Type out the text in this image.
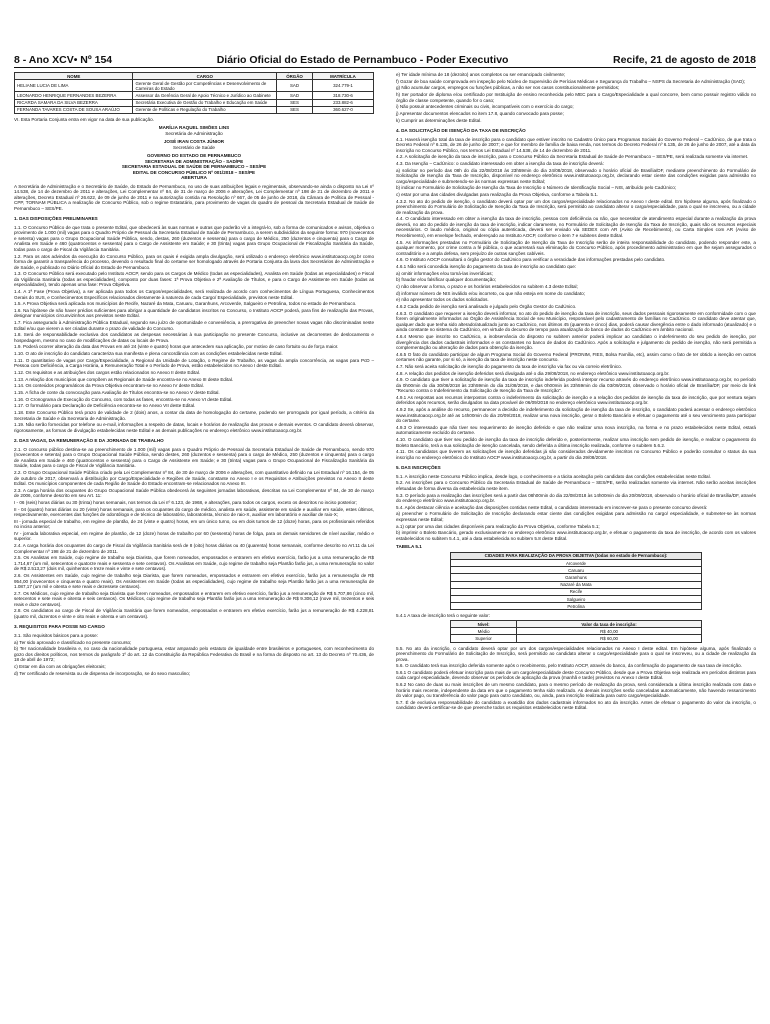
8 - Ano XCV• Nº 154	Diário Oficial do Estado de Pernambuco - Poder Executivo	Recife, 21 de agosto de 2018
NOME	CARGO	ÓRGÃO	MATRÍCULA
HELIANE LUCIA DE LIMA	Gerente Geral de Gestão por Competências e Desenvolvimento de Carreiras do Estado	SAD	324.779-1
LEONARDO HENRIQUE FERNANDES BEZERRA	Assessor da Gerência Geral de Apoio Técnico e Jurídico ao Gabinete	SAD	318.730-6
RICARDA SAMARA DA SILVA BEZERRA	Secretária Executiva de Gestão do Trabalho e Educação em Saúde	SES	233.882-6
FERNANDA TAVARES COSTA DE SOUSA ARAÚJO	Gerente de Políticas e Regulação do Trabalho	SES	360.627-0

VI. Esta Portaria Conjunta entra em vigor na data de sua publicação.

MARÍLIA RAQUEL SIMÕES LINS
Secretária de Administração
JOSÉ IRAN COSTA JÚNIOR
Secretário de Saúde
GOVERNO DO ESTADO DE PERNAMBUCO
SECRETARIA DE ADMINISTRAÇÃO - SAD/PE
SECRETARIA ESTADUAL DE SAÚDE DE PERNAMBUCO – SES/PE
EDITAL DE CONCURSO PÚBLICO Nº 001/2018 – SES/PE
ABERTURA

A Secretária de Administração e o Secretário de Saúde, do Estado de Pernambuco, no uso de suas atribuições legais e regimentais, observando-se ainda o disposto na Lei nº 14.538, de 14 de dezembro de 2011 e alterações, Lei Complementar nº 84, de 31 de março de 2006 e alterações, Lei Complementar nº 198 de 21 de dezembro de 2011 e alterações, Decreto Estadual nº 26.622, de 09 de junho de 2011 e na autorização contida na Resolução nº 667, de 05 de junho de 2018, da Câmara de Política de Pessoal - CPP, TORNAM PÚBLICA a realização de Concurso Público, sob o regime Estatutário, para provimento de vagas do quadro de pessoal da Secretaria Estadual de Saúde de Pernambuco – SES/PE.

1. DAS DISPOSIÇÕES PRELIMINARES

1.1. O Concurso Público de que trata o presente Edital, que obedecerá às suas normas e outras que poderão vir a integrá-lo, sob a forma de comunicados e avisos, objetiva o provimento de 1.000 (mil) vagas para o Quadro Próprio de Pessoal da Secretaria Estadual de Saúde de Pernambuco, a serem subdivididos da seguinte forma: 970 (novecentos e setenta) vagas para o Grupo Ocupacional Saúde Pública, sendo, destas, 260 (duzentos e sessenta) para o cargo de Médico, 250 (duzentos e cinquenta) para o Cargo de Analista em Saúde e 460 (quatrocentos e sessenta) para o Cargo de Assistente em Saúde; e 30 (trinta) vagas para Grupo Ocupacional de Fiscalização Sanitária da Saúde, todas para o cargo de Fiscal da Vigilância Sanitária.

1.2. Para os atos advindos da execução do Concurso Público, para os quais é exigida ampla divulgação, será utilizado o endereço eletrônico www.institutoaocp.org.br como forma de garantir a transparência do processo, devendo o resultado final do certame ser homologado através de Portaria Conjunta da lavra dos Secretários de Administração e de Saúde, e publicado no Diário Oficial do Estado de Pernambuco.

1.3. O Concurso Público será executado pelo Instituto AOCP, sendo para os Cargos de Médico (todas as especialidades), Analista em Saúde (todas as especialidades) e Fiscal da Vigilância Sanitária (todas as especialidades), composto por duas fases: 1ª Prova Objetiva e 2ª Avaliação de Títulos, e para o Cargo de Assistente em Saúde (todas as especialidades), tendo apenas uma fase: Prova Objetiva.

1.4. A 1ª Fase (Prova Objetiva), a ser aplicada para todos os Cargos/especialidades, será realizada de acordo com conhecimentos de Língua Portuguesa, Conhecimentos Gerais do SUS, e Conhecimentos Específicos relacionados diretamente à natureza de cada Cargo/ Especialidade, previstos neste Edital.

1.5. A Prova Objetiva será aplicada nos municípios de Recife, Nazaré da Mata, Caruaru, Garanhuns, Arcoverde, Salgueiro e Petrolina, todos no estado de Pernambuco.

1.6. Na hipótese de não haver prédios suficientes para abrigar a quantidade de candidatos inscritos no Concurso, o Instituto AOCP poderá, para fins de realização das Provas, designar municípios circunvizinhos aos previstos neste Edital.

1.7. Fica assegurado à Administração Pública Estadual, segundo seu juízo de oportunidade e conveniência, a prerrogativa de preencher novas vagas não discriminadas neste Edital e/ou que vierem a ser criadas durante o prazo de validade do Concurso.

1.8. Será de responsabilidade exclusiva dos candidatos as despesas necessárias à sua participação no presente Concurso, inclusive as decorrentes de deslocamento e hospedagem, mesmo no caso de modificações de datas ou locais de Prova.

1.9. Poderá ocorrer alteração da data das Provas em até 24 (vinte e quatro) horas que antecedem sua aplicação, por motivo de caso fortuito ou de força maior.

1.10. O ato de inscrição do candidato caracteriza sua manifesta e plena concordância com as condições estabelecidas neste Edital.

1.11. O quantitativo de vagas por Cargo/Especialidade, a Regional da Unidade de Lotação, o Regime de Trabalho, as vagas da ampla concorrência, as vagas para PcD – Pessoa com Deficiência, a Carga Horária, a Remuneração Total e o Período de Prova, estão estabelecidos no Anexo I deste Edital.

1.12. Os requisitos e as atribuições dos cargos estão relacionados no Anexo II deste Edital.

1.13. A relação dos municípios que compõem as Regionais de Saúde encontra-se no Anexo III deste Edital.

1.14. Os conteúdos programáticos da Prova Objetiva encontram-se no Anexo IV deste Edital.

1.15. A ficha de conte da convocação para Avaliação de Títulos encontra-se no Anexo V deste Edital.

1.16. O Cronograma de Execução do Concurso, com todas as fases, encontra-se no Anexo VI deste Edital.

1.17. O formulário para Declaração de Deficiência encontra-se no Anexo VII deste Edital.

1.18. Este Concurso Público terá prazo de validade de 2 (dois) anos, a contar da data de homologação do certame, podendo ser prorrogado por igual período, a critério da Secretaria de Saúde e da Secretaria de Administração.

1.19. Não serão fornecidas por telefone ou e-mail, informações a respeito de datas, locais e horários de realização das provas e demais eventos. O candidato deverá observar, rigorosamente, as formas de divulgação estabelecidas neste Edital e as demais publicações no endereço eletrônico www.institutoaocp.org.br.

2. DAS VAGAS, DA REMUNERAÇÃO E DA JORNADA DE TRABALHO

2.1. O concurso público destina-se ao preenchimento de 1.000 (mil) vagas para o Quadro Próprio de Pessoal da Secretaria Estadual de Saúde de Pernambuco, sendo 970 (novecentos e setenta) para o Grupo Ocupacional Saúde Pública, sendo destes, 260 (duzentos e sessenta) para o cargo de Médico, 250 (duzentos e cinquenta) para o cargo de Analista em Saúde e 460 (quatrocentos e sessenta) para o Cargo de Assistente em Saúde; e 30 (trinta) vagas para o Grupo Ocupacional de Fiscalização Sanitária da Saúde, todas para o cargo de Fiscal de Vigilância Sanitária.

2.2. O Grupo Ocupacional Saúde Pública criado pela Lei Complementar nº 84, de 30 de março de 2006 e alterações, com quantitativo definido na Lei Estadual nº 16.154, de 05 de outubro de 2017, observará a distribuição por Cargo/Especialidade e Regiões de Saúde, constante no Anexo I e os Requisitos e Atribuições previstos no Anexo II deste Edital. Os municípios componentes de cada Região de Saúde do Estado encontram-se relacionados no Anexo III.

2.3. A carga horária dos ocupantes do Grupo Ocupacional Saúde Pública obedecerá às seguintes jornadas laborativas, descritas na Lei Complementar nº 84, de 30 de março de 2006, conforme descrito em seu Art. 11:

I - 06 (seis) horas diárias ou 30 (trinta) horas semanais, nos termos da Lei nº 6.123, de 1968, e alterações, para todos os cargos, exceto os descritos no inciso posterior;

II - 04 (quatro) horas diárias ou 20 (vinte) horas semanais, para os ocupantes do cargo de médico, analista em saúde, assistente em saúde e auxiliar em saúde, estes últimos, respectivamente, exercentes das funções de odontólogo e de técnico de laboratório, laboratorista, técnico de raio-X, auxiliar em laboratório e auxiliar de raio-X;

III - jornada especial de trabalho, em regime de plantão, de 24 (vinte e quatro) horas, em um único turno, ou em dois turnos de 12 (doze) horas, para os profissionais referidos no inciso anterior;

IV - jornada laborativa especial, em regime de plantão, de 12 (doze) horas de trabalho por 60 (sessenta) horas de folga, para os demais servidores de nível auxiliar, médio e superior.

2.4. A carga horária dos ocupantes do cargo de Fiscal da Vigilância Sanitária será de 8 (oito) horas diárias ou 40 (quarenta) horas semanais, conforme descrito no Art.11 da Lei Complementar nº 198 de 21 de dezembro de 2011.

2.5. Os Analistas em Saúde, cujo regime de trabalho seja Diarista, que forem nomeados, empossados e entrarem em efetivo exercício, farão jus a uma remuneração de R$ 1.714,67 (um mil, setecentos e quatorze reais e sessenta e sete centavos). Os Analistas em Saúde, cujo regime de trabalho seja Plantão farão jus, a uma remuneração no valor de R$ 2.513,27 (dois mil, quinhentos e treze reais e vinte e sete centavos).

2.6. Os Assistentes em Saúde, cujo regime de trabalho seja Diarista, que forem nomeados, empossados e entrarem em efetivo exercício, farão jus a remuneração de R$ 954,00 (novecentos e cinquenta e quatro reais). Os Assistentes em Saúde (todas as especialidades), cujo regime de trabalho seja Plantão farão jus a uma remuneração de 1.087,17 (um mil e oitenta e sete reais e dezessete centavos).

2.7. Os Médicos, cujo regime de trabalho seja Diarista que forem nomeados, empossados e entrarem em efetivo exercício, farão jus a remuneração de R$ 5.707,86 (cinco mil, setecentos e sete reais e oitenta e seis centavos). Os Médicos, cujo regime de trabalho seja Plantão farão jus a uma remuneração de R$ 9.306,12 (nove mil, trezentos e seis reais e doze centavos).

2.8. Os candidatos ao cargo de Fiscal de Vigilância Sanitária que forem nomeados, empossados e entrarem em efetivo exercício, farão jus a remuneração de R$ 4.228,81 (quatro mil, duzentos e vinte e oito reais e oitenta e um centavos).

3. REQUISITOS PARA POSSE NO CARGO

3.1. São requisitos básicos para a posse:

a) Ter sido aprovado e classificado no presente concurso;

b) Ter nacionalidade brasileira e, no caso da nacionalidade portuguesa, estar amparado pelo estatuto de igualdade entre brasileiros e portugueses, com reconhecimento do gozo dos direitos políticos, nos termos do parágrafo 1º do art. 12 da Constituição da República Federativa do Brasil e na forma do disposto no art. 13 do Decreto nº 70.436, de 18 de abril de 1972;

c) Estar em dia com as obrigações eleitorais;

d) Ter certificado de reservista ou de dispensa de incorporação, se do sexo masculino;

e) Ter idade mínima de 18 (dezoito) anos completos ou ser emancipado civilmente;

f) Gozar de boa saúde comprovada em inspeção pelo Núcleo de Supervisão de Perícias Médicas e Segurança do Trabalho – NSPS da Secretaria de Administração (SAD);

g) Não acumular cargos, empregos ou funções públicas, a não ser nos casos constitucionalmente permitidos;

h) Ser portador de diploma e/ou certificado por Instituição de ensino reconhecida pelo MEC para o Cargo/Especialidade a qual concorre, bem como possuir registro válido no órgão de classe competente, quando for o caso;

i) Não possuir antecedentes criminais ou civis, incompatíveis com o exercício do cargo;

j) Apresentar documentos elencados no item 17.8, quando convocado para posse;

k) Cumprir as determinações deste Edital.

4. DA SOLICITAÇÃO DE ISENÇÃO DA TAXA DE INSCRIÇÃO

4.1. Haverá isenção total da taxa de inscrição para o candidato que estiver inscrito no Cadastro Único para Programas Sociais do Governo Federal – CadÚnico, de que trata o Decreto Federal nº 6.135, de 26 de junho de 2007; e que for membro de família de baixa renda, nos termos do Decreto Federal nº 6.135, de 26 de junho de 2007, até a data da inscrição no Concurso Público, nos termos Lei Estadual nº 14.538, de 14 de dezembro de 2011.

4.2. A solicitação de isenção da taxa de inscrição, para o Concurso Público da Secretaria Estadual de Saúde de Pernambuco – SES/PE, será realizada somente via internet.

4.3. Da Isenção – CadÚnico: o candidato interessado em obter a isenção da taxa de inscrição deverá:

a) solicitar no período das 08h do dia 22/08/2018 às 23h59min do dia 24/08/2018, observado o horário oficial de Brasília/DF, mediante preenchimento do Formulário de Solicitação de Isenção da Taxa de Inscrição, disponível no endereço eletrônico www.institutoaocp.org.br, declarando estar ciente das condições exigidas para admissão no cargo/especialidade e submetendo-se às normas expressas neste Edital;

b) indicar no Formulário de Solicitação de Isenção da Taxa de Inscrição o Número de Identificação Social – NIS, atribuído pelo CadÚnico;

c) estar por uma das cidades divulgadas para realização da Prova Objetiva, conforme a Tabela 5.1.

4.3.2. No ato do pedido de isenção, o candidato deverá optar por um dos cargos/especialidade relacionados no Anexo I deste edital. Em hipótese alguma, após finalizado o preenchimento do Formulário de Solicitação de Isenção da Taxa de Inscrição, será permitido ao candidato alterar o cargo/especialidade, para o qual se inscreveu, ou a cidade de realização da prova.

4.4. O candidato interessado em obter a isenção da taxa de inscrição, pessoa com deficiência ou não, que necessitar de atendimento especial durante a realização da prova deverá, no ato do pedido de isenção da taxa de inscrição, indicar claramente, no Formulário de Solicitação de Isenção da Taxa de Inscrição, quais são os recursos especiais necessários. O laudo médico, original ou cópia autenticada, deverá ser enviado via SEDEX com AR (Aviso de Recebimento), ou Carta Simples com AR (Aviso de Recebimento), em envelope fechado, endereçado ao Instituto AOCP, conforme o item 7 e subitens deste Edital.

4.5. As informações prestadas no Formulário de Solicitação de Isenção da Taxa de Inscrição serão de inteira responsabilidade do candidato, podendo responder este, a qualquer momento, por crime contra a fé pública, o que acarretará sua eliminação do Concurso Público, após procedimento administrativo em que lhe sejam assegurados o contraditório e a ampla defesa, sem prejuízo de outras sanções cabíveis.

4.6. O Instituto AOCP consultará o órgão gestor do CadÚnico para verificar a veracidade das informações prestadas pelo candidato.

4.6.1 Não será concedida isenção do pagamento da taxa de inscrição ao candidato que:

a) omitir informações e/ou torná-las inverídicas;

b) fraudar e/ou falsificar qualquer documentação;

c) não observar a forma, o prazo e os horários estabelecidos no subitem 4.3 deste Edital;

d) informar número de NIS inválido e/ou incorreto, ou que não esteja em nome do candidato;

e) não apresentar todos os dados solicitados.

4.6.2 Cada pedido de isenção será analisado e julgado pelo Órgão Gestor do CadÚnico.

4.6.3. O candidato que requerer a isenção deverá informar, no ato do pedido de isenção da taxa de inscrição, seus dados pessoais rigorosamente em conformidade com o que forem originalmente informados ao Órgão de Assistência Social de seu Município, responsável pelo cadastramento de famílias no CadÚnico. O candidato deve atentar que, qualquer dado que tenha sido alterado/atualizado junto ao CadÚnico, nos últimos 45 (quarenta e cinco) dias, poderá causar divergência entre o dado informado (atualizado) e o ainda constante no sistema do CadÚnico, em virtude do decurso de tempo para atualização do banco de dados do CadÚnico em âmbito nacional.

4.6.4 Mesmo que inscrito no CadÚnico, a inobservância do disposto no subitem anterior poderá implicar ao candidato o indeferimento do seu pedido de isenção, por divergência dos dados cadastrais informados e os constantes no banco de dados do CadÚnico. Após a solicitação e julgamento do pedido de isenção, não será permitida a complementação ou alteração de dados para obtenção da isenção.

4.6.5 O fato do candidato participar de algum Programa Social do Governo Federal (PRONIM, FIES, Bolsa Família, etc), assim como o fato de ter obtido a isenção em outros certames não garante, por si só, a isenção da taxa de inscrição neste concurso.

4.7. Não será aceita solicitação de isenção do pagamento da taxa de inscrição via fax ou via correio eletrônico.

4.8. A relação dos pedidos de isenção deferidos será divulgada até o dia 29/08/2018, no endereço eletrônico www.institutoaocp.org.br.

4.9. O candidato que tiver a solicitação de isenção da taxa de inscrição indeferida poderá interpor recurso através do endereço eletrônico www.institutoaocp.org.br, no período da 0h00min do dia 30/08/2018 às 23h59min do dia 31/08/2018, e das 0h00min às 23h59min do dia 03/09/2018, observado o horário oficial de Brasília/DF, por meio do link "Recurso contra o Indeferimento da Solicitação de Isenção da Taxa de Inscrição".

4.9.1 As respostas aos recursos interpostos contra o indeferimento da solicitação de isenção e a relação dos pedidos de isenção da taxa de inscrição, que por ventura sejam deferidos após recursos, serão divulgados na data provável de 06/09/2018 no endereço eletrônico www.institutoaocp.org.br.

4.9.2 Se, após a análise do recurso, permanecer a decisão de indeferimento da solicitação de isenção da taxa de inscrição, o candidato poderá acessar o endereço eletrônico www.institutoaocp.org.br até as 14h00min do dia 20/09/2018, realizar uma nova inscrição, gerar o Boleto Bancário e efetuar o pagamento até o seu vencimento para participar do certame.

4.9.3 O interessado que não tiver seu requerimento de isenção deferido e que não realizar uma nova inscrição, na forma e no prazo estabelecidos neste Edital, estará automaticamente excluído do certame.

4.10. O candidato que tiver seu pedido de isenção da taxa de inscrição deferido e, posteriormente, realizar uma inscrição sem pedido de isenção, e realizar o pagamento do Boleto Bancário, terá a sua solicitação de isenção cancelada, sendo deferida a última inscrição realizada, conforme o subitem 5.6.2.

4.11. Os candidatos que tiverem as solicitações de isenção deferidas já são considerados devidamente inscritos no Concurso Público e poderão consultar o status da sua inscrição no endereço eletrônico do Instituto AOCP www.institutoaocp.org.br, a partir do dia 29/08/2018.

5. DAS INSCRIÇÕES

5.1. A inscrição neste Concurso Público implica, desde logo, o conhecimento e a tácita aceitação pelo candidato das condições estabelecidas neste Edital.

5.2. As inscrições para o Concurso Público da Secretaria Estadual de Saúde de Pernambuco – SES/PE, serão realizadas somente via internet. Não serão aceitas inscrições efetuadas de forma diversa da estabelecida neste item.

5.3. O período para a realização das inscrições será a partir das 08h00min do dia 22/08/2018 às 14h00min do dia 20/09/2018, observado o horário oficial de Brasília/DF, através do endereço eletrônico www.institutoaocp.org.br.

5.4. Após destacar ciência e aceitação das disposições contidas neste Edital, o candidato interessado em inscrever-se para o presente concurso deverá:

a) preencher o Formulário de Solicitação de Inscrição declarando estar ciente das condições exigidas para admissão no cargo/ especialidade, e submeter-se às normas expressas neste Edital;

a.1) optar por uma das cidades disponíveis para realização da Prova Objetiva, conforme Tabela 5.1;

b) imprimir o Boleto Bancário, gerado exclusivamente no endereço eletrônico www.institutoaocp.org.br, e efetuar o pagamento da taxa de inscrição, de acordo com os valores estabelecidos no subitem 5.4.1, até a data estabelecida no subitem 5.8 deste Edital.

TABELA 5.1
CIDADES PARA REALIZAÇÃO DA PROVA OBJETIVA (todas no estado de Pernambuco):
Arcoverde
Caruaru
Garanhuns
Nazaré da Mata
Recife
Salgueiro
Petrolina

5.4.1 A taxa de inscrição terá o seguinte valor:

Nível:	Valor da taxa de inscrição:
Médio	R$ 40,00
Superior	R$ 60,00

5.5. No ato da inscrição, o candidato deverá optar por um dos cargos/especialidades relacionados no Anexo I deste edital. Em hipótese alguma, após finalizado o preenchimento do Formulário de Solicitação de Inscrição, será permitido ao candidato alterar o cargo/especialidade para o qual se inscreveu, ou a cidade de realização da prova.

5.6. O candidato terá sua inscrição deferida somente após o recebimento, pelo Instituto AOCP, através do banco, da confirmação do pagamento de sua taxa de inscrição.

5.6.1 O candidato poderá efetuar inscrição para mais de um cargo/especialidade deste Concurso Público, desde que a Prova Objetiva seja realizada em períodos distintos para cada cargo/ especialidade, devendo observar os períodos de aplicação da prova (manhã e tarde) previstos no Anexo I deste Edital.

5.6.2 No caso de duas ou mais inscrições de um mesmo candidato, para o mesmo período de realização da prova, será considerada a última inscrição realizada com data e horário mais recente, independente da data em que o pagamento tenha sido realizado. As demais inscrições serão canceladas automaticamente, não havendo ressarcimento do valor pago, ou transferência do valor pago para outro candidato, ou, ainda, para inscrição realizada para outro cargo/especialidade.

5.7. É de exclusiva responsabilidade do candidato a exatidão dos dados cadastrais informados no ato da inscrição. Antes de efetuar o pagamento do valor da inscrição, o candidato deverá certificar-se de que preenche todos os requisitos estabelecidos neste Edital.
